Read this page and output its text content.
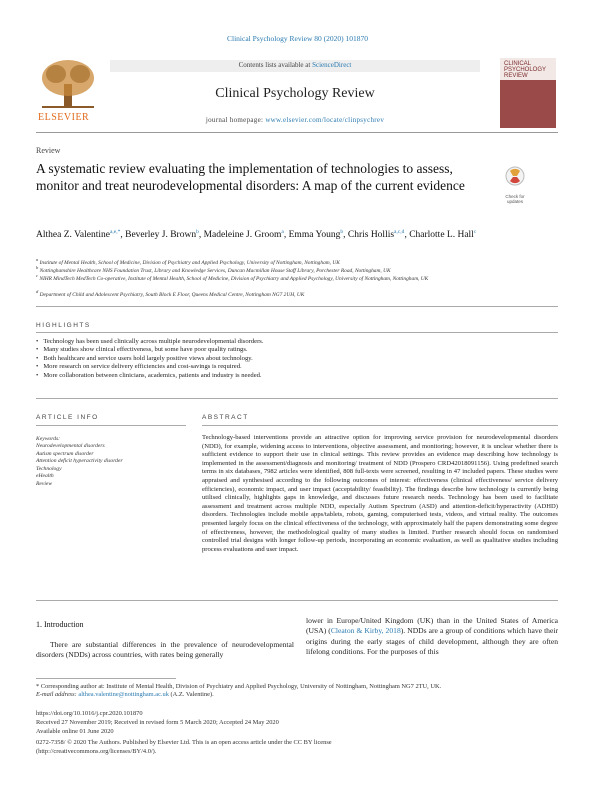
Clinical Psychology Review 80 (2020) 101870
ELSEVIER
Contents lists available at ScienceDirect
Clinical Psychology Review
journal homepage: www.elsevier.com/locate/clinpsychrev
CLINICAL
PSYCHOLOGY
REVIEW
Review
A systematic review evaluating the implementation of technologies to assess, monitor and treat neurodevelopmental disorders: A map of the current evidence
Check for
updates
Althea Z. Valentine$^{a,e,*}$, Beverley J. Brown$^b$, Madeleine J. Groom$^a$, Emma Young$^b$, Chris Hollis$^{a,c,d}$, Charlotte L. Hall$^c$
$^a$ Institute of Mental Health, School of Medicine, Division of Psychiatry and Applied Psychology, University of Nottingham, Nottingham, UK
$^b$ Nottinghamshire Healthcare NHS Foundation Trust, Library and Knowledge Services, Duncan Macmillan House Staff Library, Porchester Road, Nottingham, UK
$^c$ NIHR MindTech MedTech Co-operative, Institute of Mental Health, School of Medicine, Division of Psychiatry and Applied Psychology, University of Nottingham, Nottingham, UK
$^d$ Department of Child and Adolescent Psychiatry, South Block E Floor, Queens Medical Centre, Nottingham NG7 2UH, UK
HIGHLIGHTS
• Technology has been used clinically across multiple neurodevelopmental disorders.
• Many studies show clinical effectiveness, but some have poor quality ratings.
• Both healthcare and service users hold largely positive views about technology.
• More research on service delivery efficiencies and cost-savings is required.
• More collaboration between clinicians, academics, patients and industry is needed.
ARTICLE INFO	ABSTRACT
Keywords:
Neurodevelopmental disorders
Autism spectrum disorder
Attention deficit hyperactivity disorder
Technology
eHealth
Review
Technology-based interventions provide an attractive option for improving service provision for neurodevelopmental disorders (NDD), for example, widening access to interventions, objective assessment, and monitoring; however, it is unclear whether there is sufficient evidence to support their use in clinical settings. This review provides an evidence map describing how technology is implemented in the assessment/diagnosis and monitoring/ treatment of NDD (Prospero CRD42018091156). Using predefined search terms in six databases, 7982 articles were identified, 808 full-texts were screened, resulting in 47 included papers. These studies were appraised and synthesised according to the following outcomes of interest: effectiveness (clinical effectiveness/ service delivery efficiencies), economic impact, and user impact (acceptability/ feasibility). The findings describe how technology is currently being utilised clinically, highlights gaps in knowledge, and discusses future research needs. Technology has been used to facilitate assessment and treatment across multiple NDD, especially Autism Spectrum (ASD) and attention-deficit/hyperactivity (ADHD) disorders. Technologies include mobile apps/tablets, robots, gaming, computerised tests, videos, and virtual reality. The outcomes presented largely focus on the clinical effectiveness of the technology, with approximately half the papers demonstrating some degree of effectiveness, however, the methodological quality of many studies is limited. Further research should focus on randomised controlled trial designs with longer follow-up periods, incorporating an economic evaluation, as well as qualitative studies including process evaluations and user impact.
1. Introduction
There are substantial differences in the prevalence of neurodevelopmental disorders (NDDs) across countries, with rates being generally
lower in Europe/United Kingdom (UK) than in the United States of America (USA) (Cleaton & Kirby, 2018). NDDs are a group of conditions which have their origins during the early stages of child development, although they are often lifelong conditions. For the purposes of this
* Corresponding author at: Institute of Mental Health, Division of Psychiatry and Applied Psychology, University of Nottingham, Nottingham NG7 2TU, UK.
E-mail address: althea.valentine@nottingham.ac.uk (A.Z. Valentine).
https://doi.org/10.1016/j.cpr.2020.101870
Received 27 November 2019; Received in revised form 5 March 2020; Accepted 24 May 2020
Available online 01 June 2020
0272-7358/ © 2020 The Authors. Published by Elsevier Ltd. This is an open access article under the CC BY license
(http://creativecommons.org/licenses/BY/4.0/).
